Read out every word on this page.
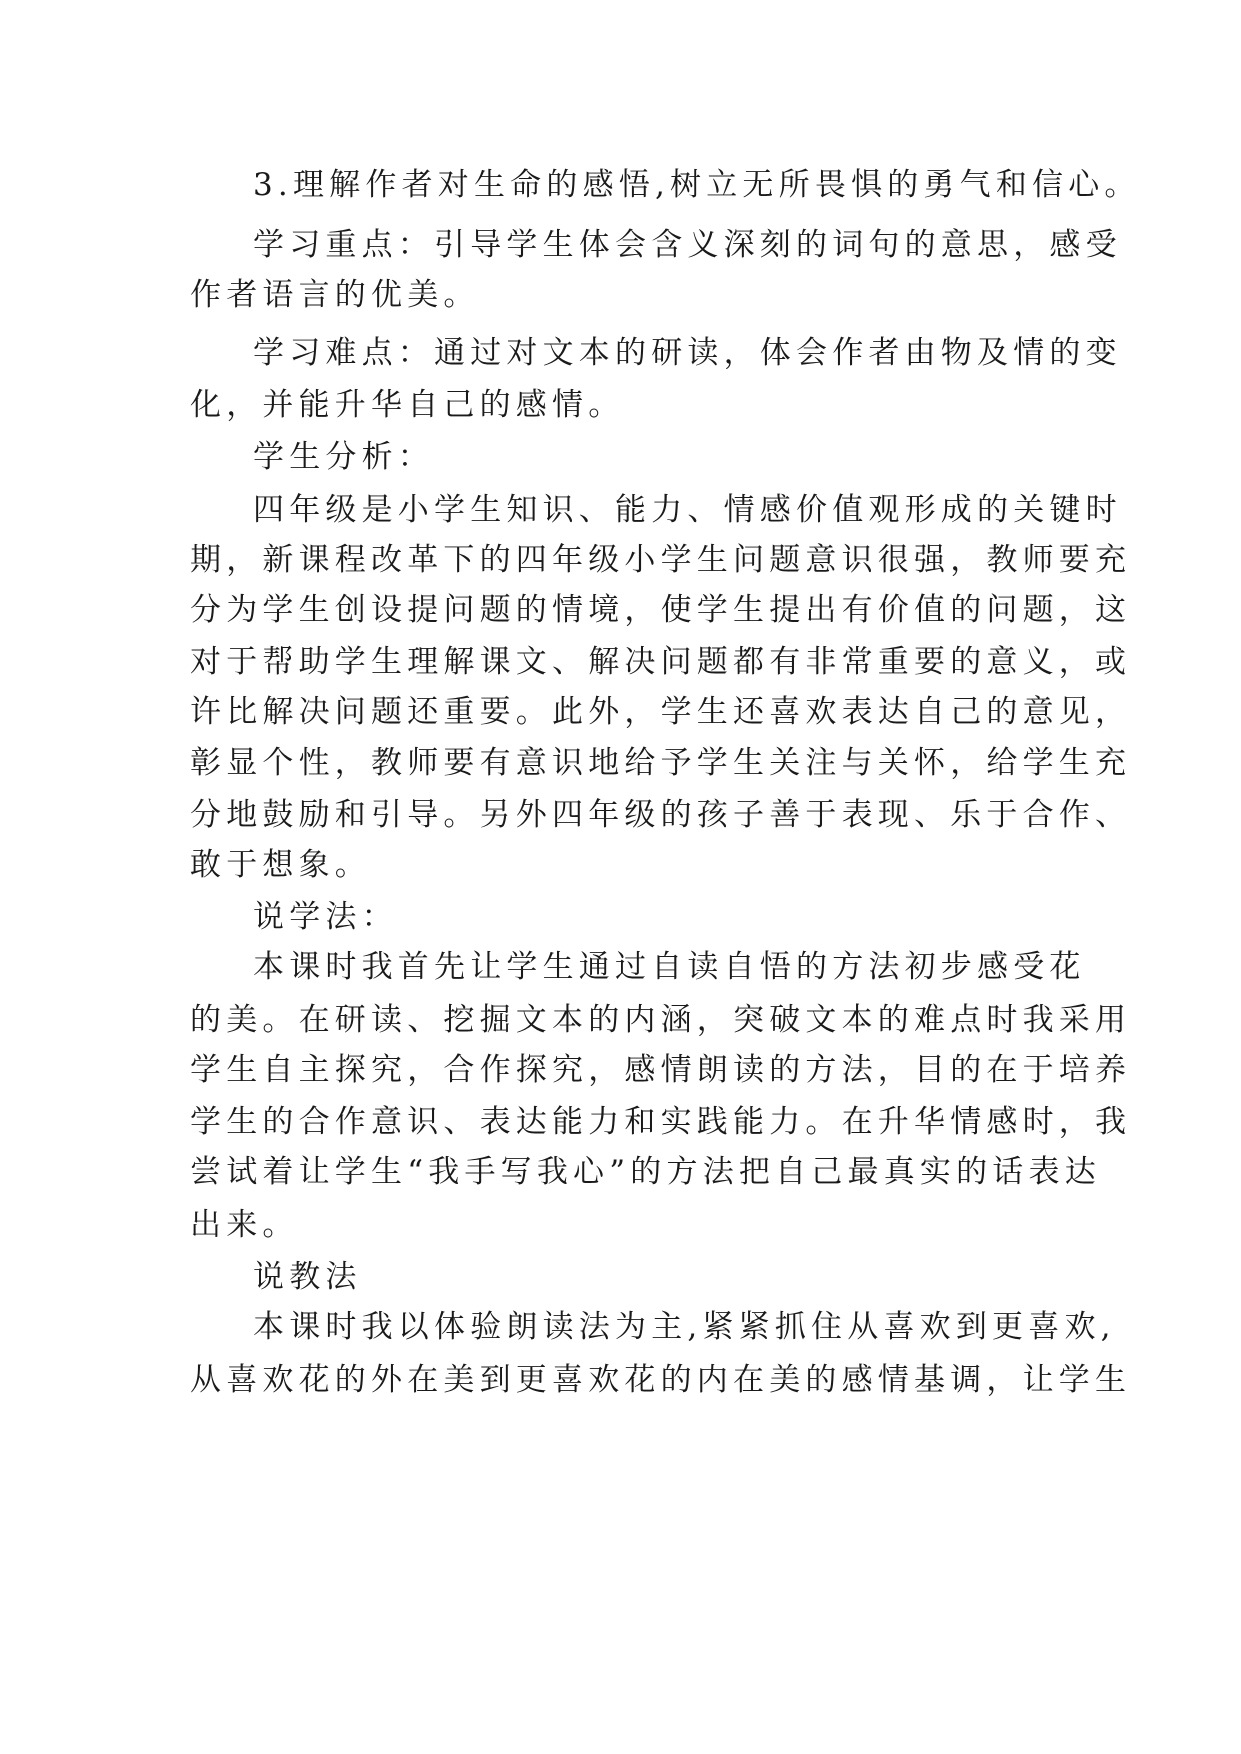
3.理解作者对生命的感悟,树立无所畏惧的勇气和信心。
学习重点：引导学生体会含义深刻的词句的意思，感受
作者语言的优美。
学习难点：通过对文本的研读，体会作者由物及情的变
化，并能升华自己的感情。
学生分析：
四年级是小学生知识、能力、情感价值观形成的关键时
期，新课程改革下的四年级小学生问题意识很强，教师要充
分为学生创设提问题的情境，使学生提出有价值的问题，这
对于帮助学生理解课文、解决问题都有非常重要的意义，或
许比解决问题还重要。此外，学生还喜欢表达自己的意见，
彰显个性，教师要有意识地给予学生关注与关怀，给学生充
分地鼓励和引导。另外四年级的孩子善于表现、乐于合作、
敢于想象。
说学法：
本课时我首先让学生通过自读自悟的方法初步感受花
的美。在研读、挖掘文本的内涵，突破文本的难点时我采用
学生自主探究，合作探究，感情朗读的方法，目的在于培养
学生的合作意识、表达能力和实践能力。在升华情感时，我
尝试着让学生“我手写我心”的方法把自己最真实的话表达
出来。
说教法
本课时我以体验朗读法为主,紧紧抓住从喜欢到更喜欢,
从喜欢花的外在美到更喜欢花的内在美的感情基调，让学生
